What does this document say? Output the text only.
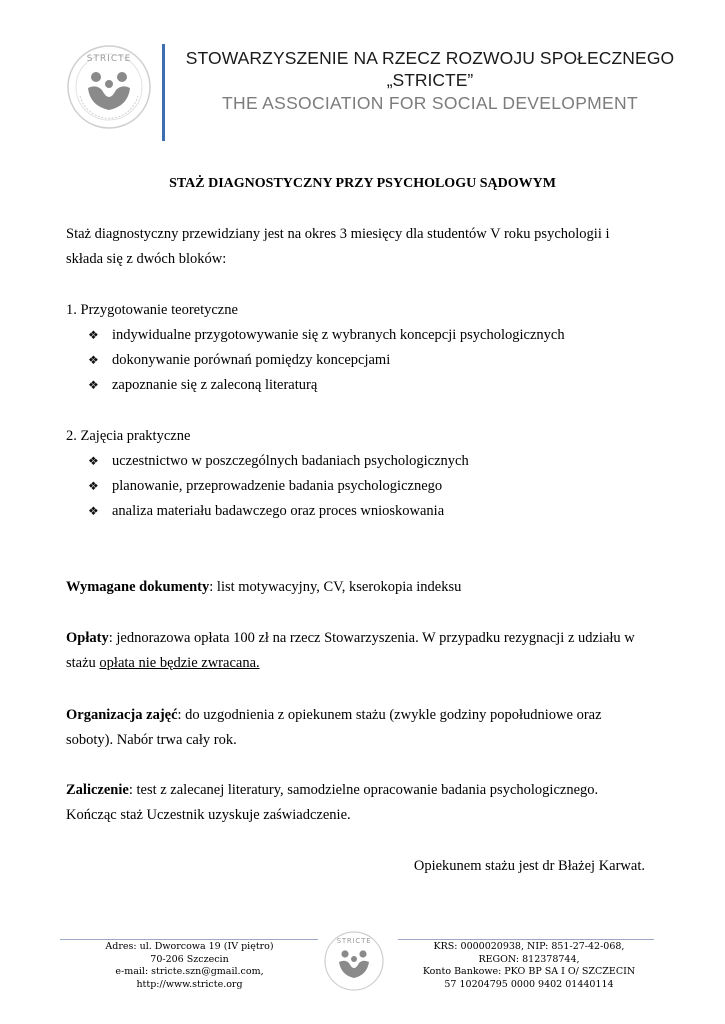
STRICTE	STOWARZYSZENIE NA RZECZ ROZWOJU SPOŁECZNEGO
„STRICTE”
THE ASSOCIATION FOR SOCIAL DEVELOPMENT
STAŻ DIAGNOSTYCZNY PRZY PSYCHOLOGU SĄDOWYM
Staż diagnostyczny przewidziany jest na okres 3 miesięcy dla studentów V roku psychologii i
składa się z dwóch bloków:
1. Przygotowanie teoretyczne
❖ indywidualne przygotowywanie się z wybranych koncepcji psychologicznych
❖ dokonywanie porównań pomiędzy koncepcjami
❖ zapoznanie się z zaleconą literaturą
2. Zajęcia praktyczne
❖ uczestnictwo w poszczególnych badaniach psychologicznych
❖ planowanie, przeprowadzenie badania psychologicznego
❖ analiza materiału badawczego oraz proces wnioskowania
Wymagane dokumenty: list motywacyjny, CV, kserokopia indeksu
Opłaty: jednorazowa opłata 100 zł na rzecz Stowarzyszenia. W przypadku rezygnacji z udziału w
stażu opłata nie będzie zwracana.
Organizacja zajęć: do uzgodnienia z opiekunem stażu (zwykle godziny popołudniowe oraz
soboty). Nabór trwa cały rok.
Zaliczenie: test z zalecanej literatury, samodzielne opracowanie badania psychologicznego.
Kończąc staż Uczestnik uzyskuje zaświadczenie.
Opiekunem stażu jest dr Błażej Karwat.
Adres: ul. Dworcowa 19 (IV piętro)
70-206 Szczecin
e-mail: stricte.szn@gmail.com,
http://www.stricte.org
STRICTE	KRS: 0000020938, NIP: 851-27-42-068,
REGON: 812378744,
Konto Bankowe: PKO BP SA I O/ SZCZECIN
57 10204795 0000 9402 01440114
